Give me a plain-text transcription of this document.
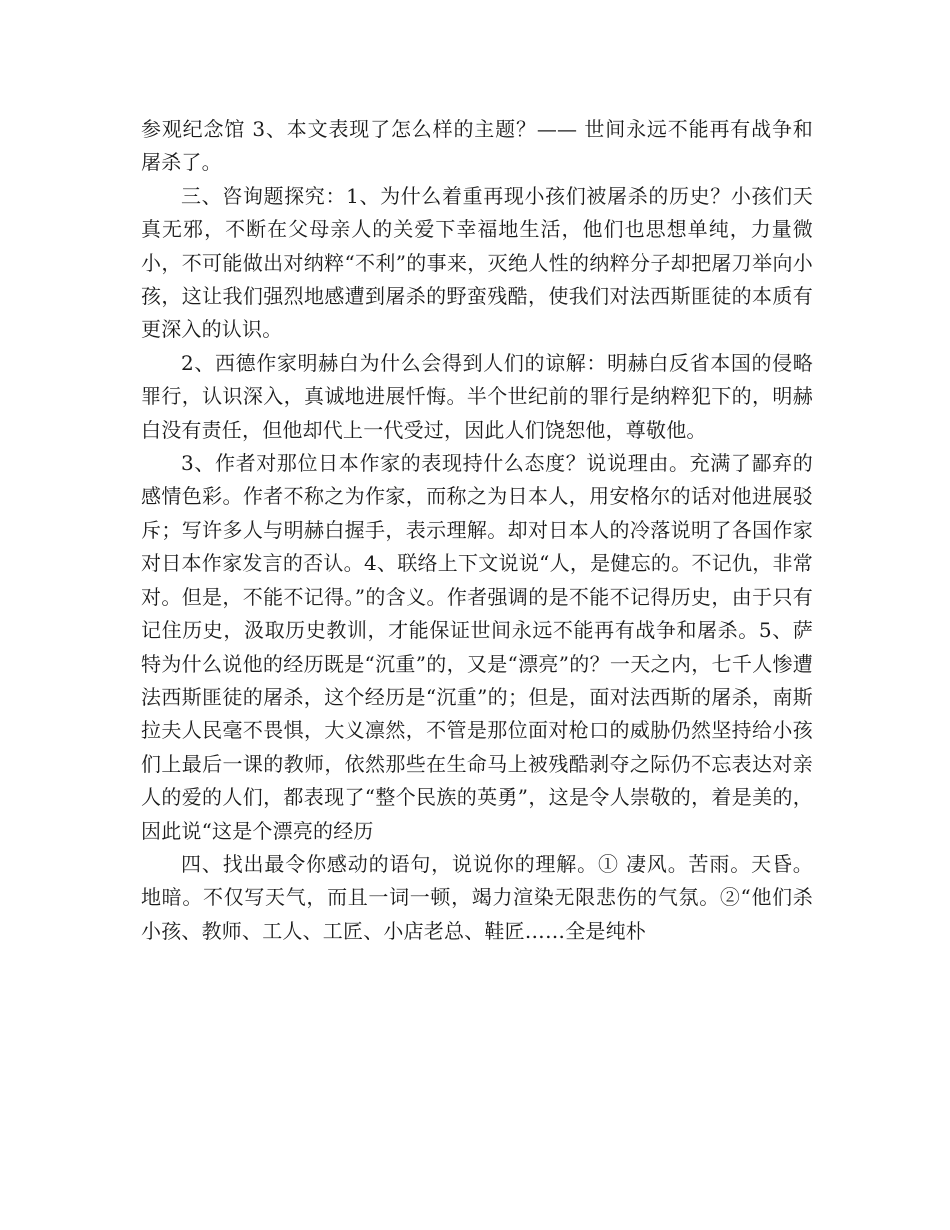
参观纪念馆 3、本文表现了怎么样的主题？—— 世间永远不能再有战争和屠杀了。

三、咨询题探究：1、为什么着重再现小孩们被屠杀的历史？小孩们天真无邪，不断在父母亲人的关爱下幸福地生活，他们也思想单纯，力量微小，不可能做出对纳粹“不利”的事来，灭绝人性的纳粹分子却把屠刀举向小孩，这让我们强烈地感遭到屠杀的野蛮残酷，使我们对法西斯匪徒的本质有更深入的认识。

2、西德作家明赫白为什么会得到人们的谅解：明赫白反省本国的侵略罪行，认识深入，真诚地进展忏悔。半个世纪前的罪行是纳粹犯下的，明赫白没有责任，但他却代上一代受过，因此人们饶恕他，尊敬他。

3、作者对那位日本作家的表现持什么态度？说说理由。充满了鄙弃的感情色彩。作者不称之为作家，而称之为日本人，用安格尔的话对他进展驳斥；写许多人与明赫白握手，表示理解。却对日本人的冷落说明了各国作家对日本作家发言的否认。4、联络上下文说说“人，是健忘的。不记仇，非常对。但是，不能不记得。”的含义。作者强调的是不能不记得历史，由于只有记住历史，汲取历史教训，才能保证世间永远不能再有战争和屠杀。5、萨特为什么说他的经历既是“沉重”的，又是“漂亮”的？一天之内，七千人惨遭法西斯匪徒的屠杀，这个经历是“沉重”的；但是，面对法西斯的屠杀，南斯拉夫人民毫不畏惧，大义凛然，不管是那位面对枪口的威胁仍然坚持给小孩们上最后一课的教师，依然那些在生命马上被残酷剥夺之际仍不忘表达对亲人的爱的人们，都表现了“整个民族的英勇”，这是令人崇敬的，着是美的，因此说“这是个漂亮的经历

四、找出最令你感动的语句，说说你的理解。① 凄风。苦雨。天昏。地暗。不仅写天气，而且一词一顿，竭力渲染无限悲伤的气氛。②“他们杀小孩、教师、工人、工匠、小店老总、鞋匠……全是纯朴
